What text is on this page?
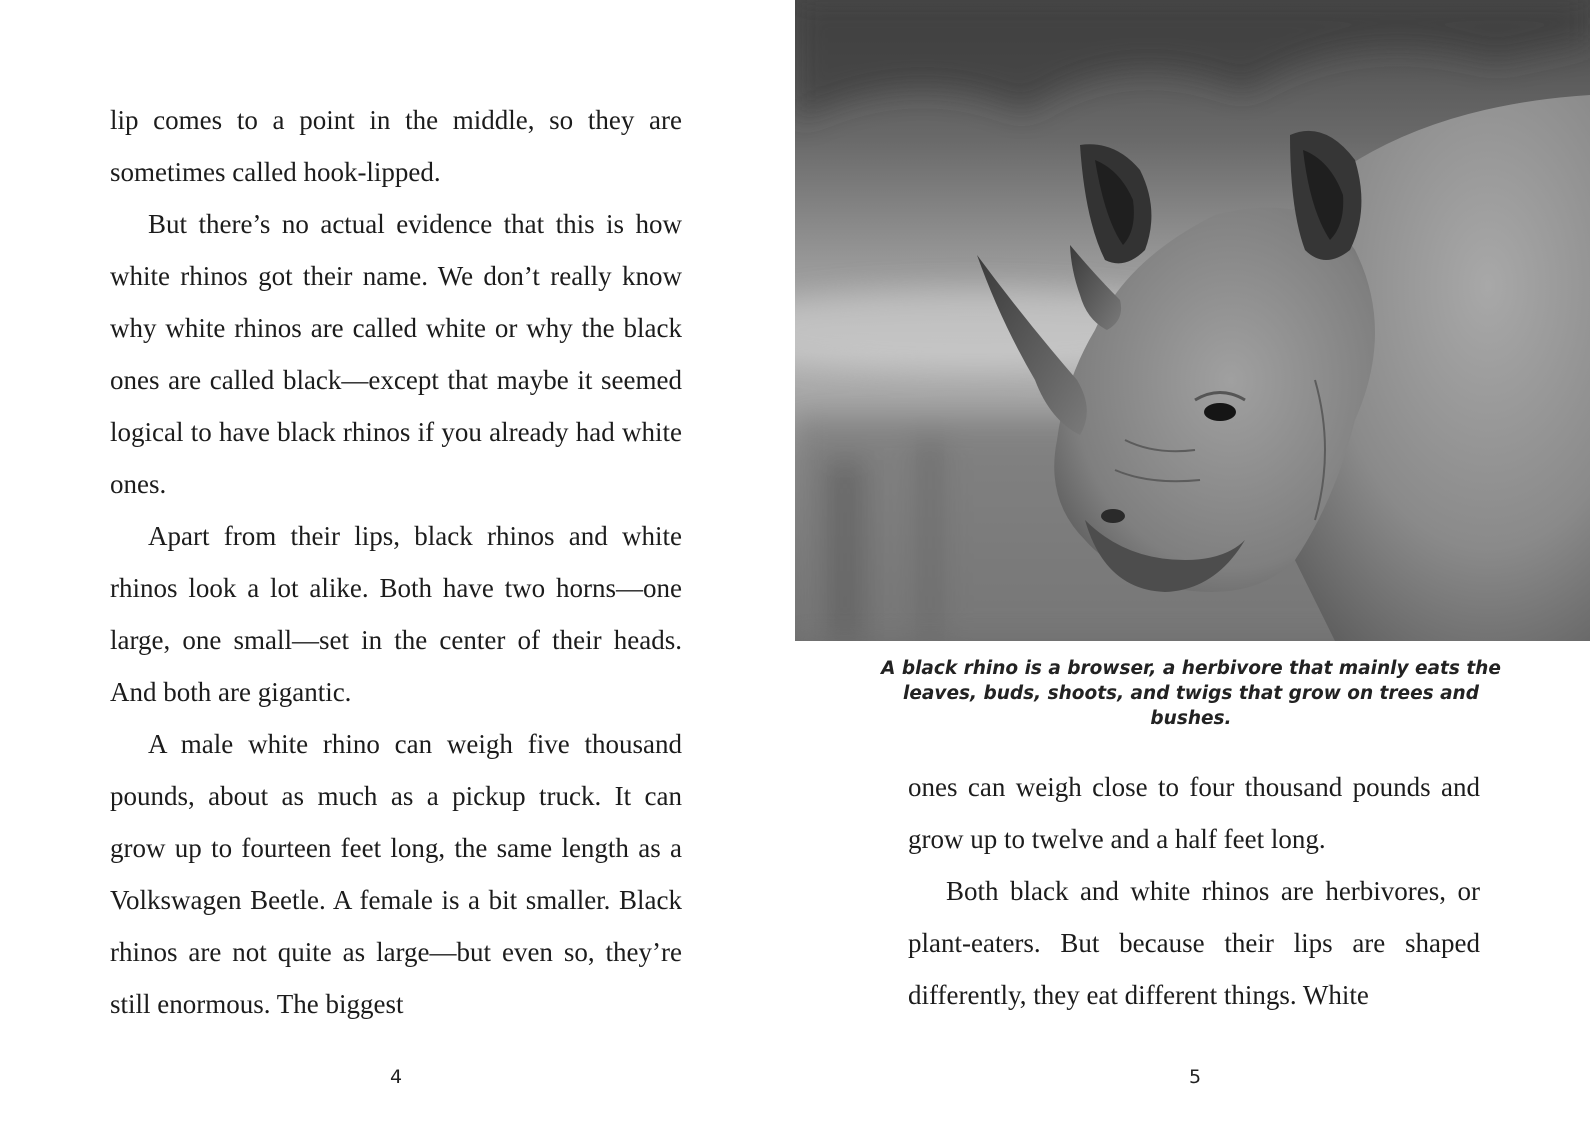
lip comes to a point in the middle, so they are sometimes called hook-lipped.

But there’s no actual evidence that this is how white rhinos got their name. We don’t really know why white rhinos are called white or why the black ones are called black—except that maybe it seemed logical to have black rhinos if you already had white ones.

Apart from their lips, black rhinos and white rhinos look a lot alike. Both have two horns—one large, one small—set in the center of their heads. And both are gigantic.

A male white rhino can weigh five thousand pounds, about as much as a pickup truck. It can grow up to fourteen feet long, the same length as a Volkswagen Beetle. A female is a bit smaller. Black rhinos are not quite as large—but even so, they’re still enormous. The biggest

4
A black rhino is a browser, a herbivore that mainly eats the leaves, buds, shoots, and twigs that grow on trees and bushes.

ones can weigh close to four thousand pounds and grow up to twelve and a half feet long.

Both black and white rhinos are herbivores, or plant-eaters. But because their lips are shaped differently, they eat different things. White

5
